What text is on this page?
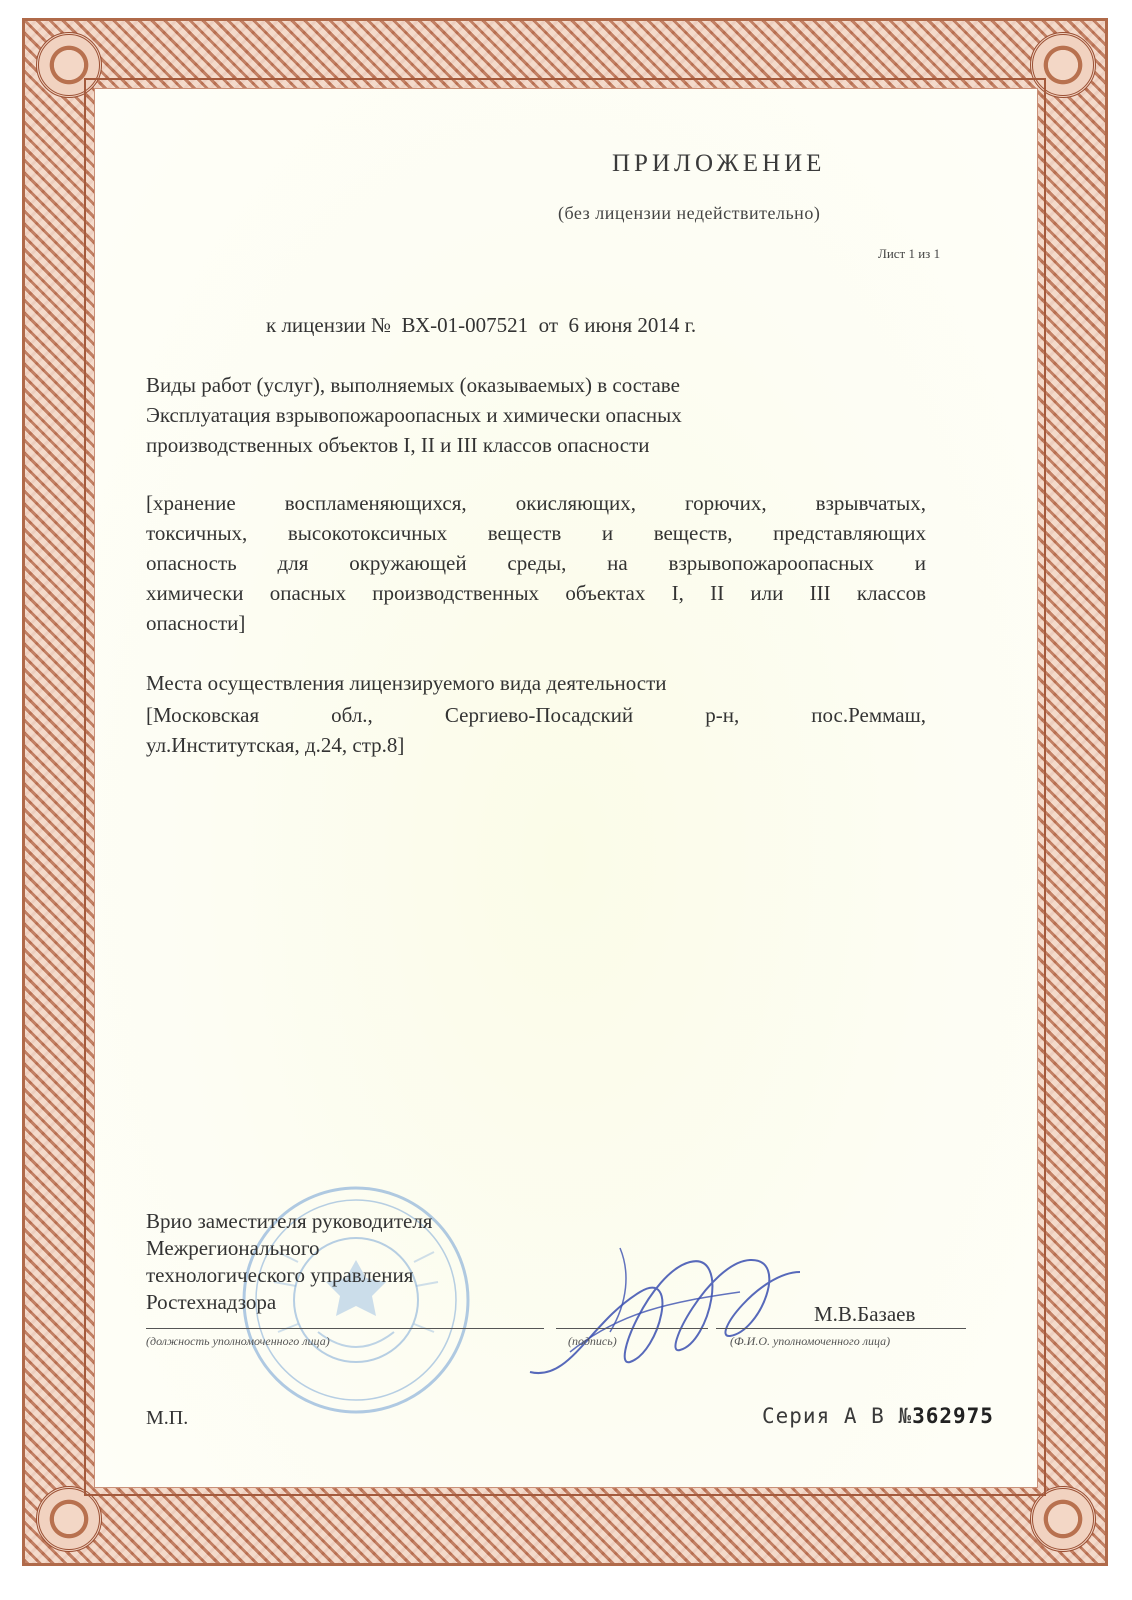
ПРИЛОЖЕНИЕ
(без лицензии недействительно)
Лист 1 из 1
к лицензии №  ВХ-01-007521  от  6 июня 2014 г.
Виды работ (услуг), выполняемых (оказываемых) в составе
Эксплуатация взрывопожароопасных и химически опасных
производственных объектов I, II и III классов опасности
[хранение воспламеняющихся, окисляющих, горючих, взрывчатых,
токсичных, высокотоксичных веществ и веществ, представляющих
опасность для окружающей среды, на взрывопожароопасных и
химически опасных производственных объектах I, II или III классов
опасности]
Места осуществления лицензируемого вида деятельности
[Московская обл., Сергиево-Посадский р-н, пос.Реммаш,
ул.Институтская, д.24, стр.8]
Врио заместителя руководителя
Межрегионального
технологического управления
Ростехнадзора	М.В.Базаев
(должность уполномоченного лица)	(подпись)	(Ф.И.О. уполномоченного лица)
М.П.	Серия А В №362975
